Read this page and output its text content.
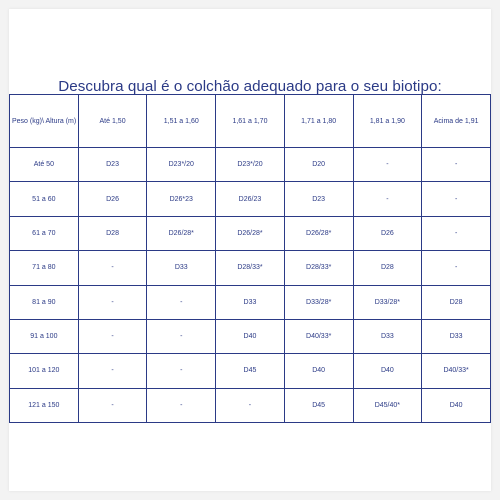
Descubra qual é o colchão adequado para o seu biotipo:
Peso (kg)\ Altura (m)	Até 1,50	1,51 a 1,60	1,61 a 1,70	1,71 a 1,80	1,81 a 1,90	Acima de 1,91
Até 50	D23	D23*/20	D23*/20	D20	-	-
51 a 60	D26	D26*23	D26/23	D23	-	-
61 a 70	D28	D26/28*	D26/28*	D26/28*	D26	-
71 a 80	-	D33	D28/33*	D28/33*	D28	-
81 a 90	-	-	D33	D33/28*	D33/28*	D28
91 a 100	-	-	D40	D40/33*	D33	D33
101 a 120	-	-	D45	D40	D40	D40/33*
121 a 150	-	-	-	D45	D45/40*	D40
